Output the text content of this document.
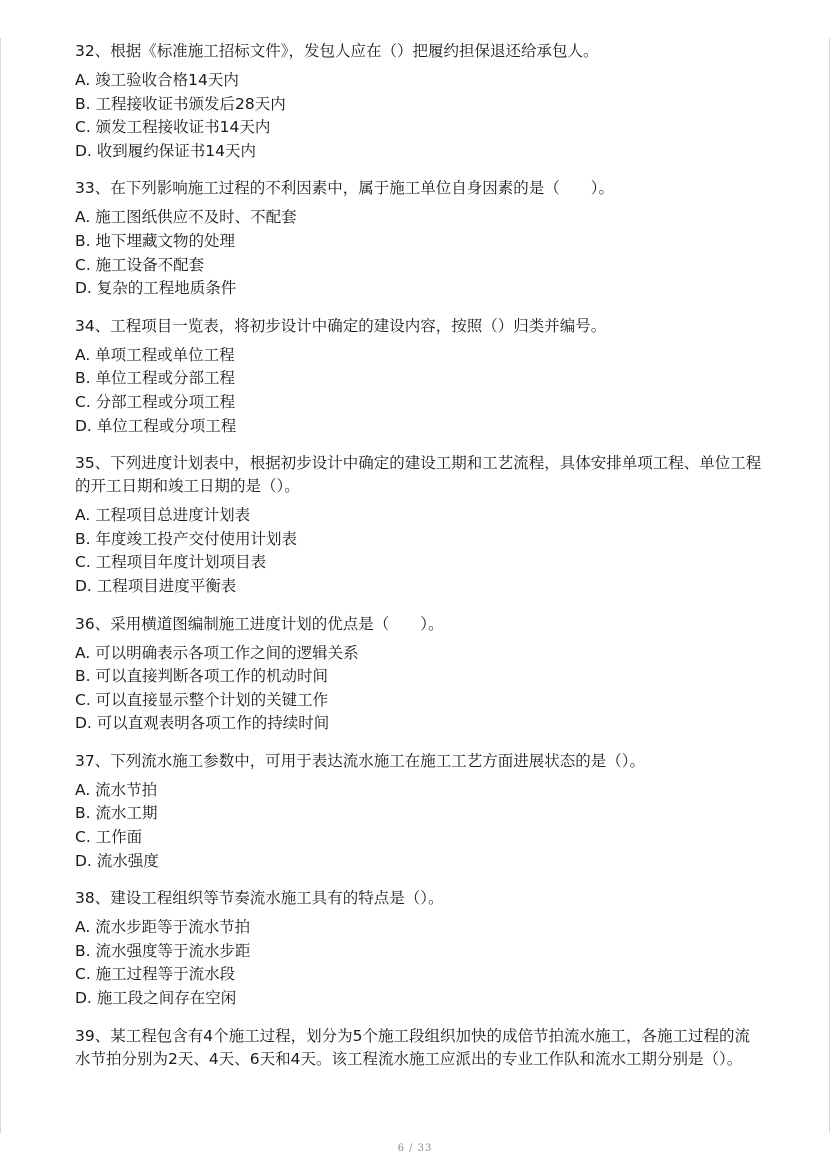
32、根据《标准施工招标文件》，发包人应在（）把履约担保退还给承包人。
A. 竣工验收合格14天内
B. 工程接收证书颁发后28天内
C. 颁发工程接收证书14天内
D. 收到履约保证书14天内
33、在下列影响施工过程的不利因素中，属于施工单位自身因素的是（　　）。
A. 施工图纸供应不及时、不配套
B. 地下埋藏文物的处理
C. 施工设备不配套
D. 复杂的工程地质条件
34、工程项目一览表，将初步设计中确定的建设内容，按照（）归类并编号。
A. 单项工程或单位工程
B. 单位工程或分部工程
C. 分部工程或分项工程
D. 单位工程或分项工程
35、下列进度计划表中，根据初步设计中确定的建设工期和工艺流程，具体安排单项工程、单位工程的开工日期和竣工日期的是（）。
A. 工程项目总进度计划表
B. 年度竣工投产交付使用计划表
C. 工程项目年度计划项目表
D. 工程项目进度平衡表
36、采用横道图编制施工进度计划的优点是（　　）。
A. 可以明确表示各项工作之间的逻辑关系
B. 可以直接判断各项工作的机动时间
C. 可以直接显示整个计划的关键工作
D. 可以直观表明各项工作的持续时间
37、下列流水施工参数中，可用于表达流水施工在施工工艺方面进展状态的是（）。
A. 流水节拍
B. 流水工期
C. 工作面
D. 流水强度
38、建设工程组织等节奏流水施工具有的特点是（）。
A. 流水步距等于流水节拍
B. 流水强度等于流水步距
C. 施工过程等于流水段
D. 施工段之间存在空闲
39、某工程包含有4个施工过程，划分为5个施工段组织加快的成倍节拍流水施工，各施工过程的流水节拍分别为2天、4天、6天和4天。该工程流水施工应派出的专业工作队和流水工期分别是（）。
6 / 33
